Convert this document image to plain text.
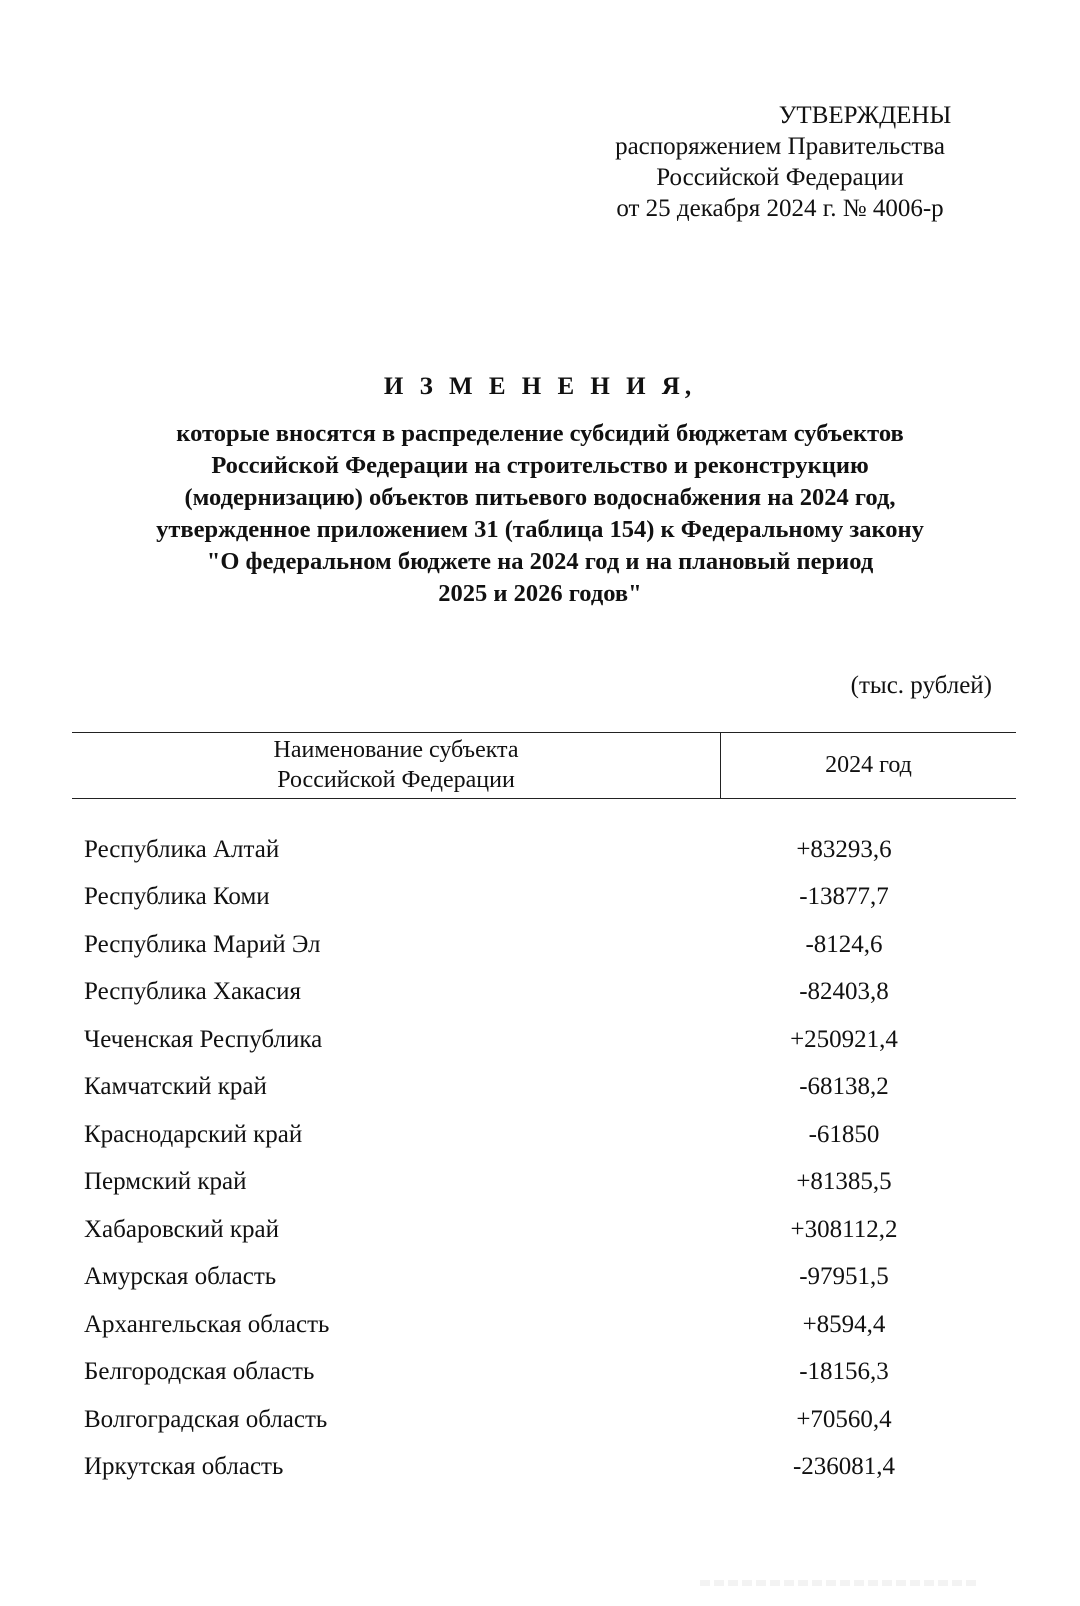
УТВЕРЖДЕНЫ
распоряжением Правительства
Российской Федерации
от 25 декабря 2024 г. № 4006-р
И З М Е Н Е Н И Я,
которые вносятся в распределение субсидий бюджетам субъектов
Российской Федерации на строительство и реконструкцию
(модернизацию) объектов питьевого водоснабжения на 2024 год,
утвержденное приложением 31 (таблица 154) к Федеральному закону
"О федеральном бюджете на 2024 год и на плановый период
2025 и 2026 годов"
(тыс. рублей)
Наименование субъекта
Российской Федерации
2024 год
Республика Алтай	+83293,6
Республика Коми	-13877,7
Республика Марий Эл	-8124,6
Республика Хакасия	-82403,8
Чеченская Республика	+250921,4
Камчатский край	-68138,2
Краснодарский край	-61850
Пермский край	+81385,5
Хабаровский край	+308112,2
Амурская область	-97951,5
Архангельская область	+8594,4
Белгородская область	-18156,3
Волгоградская область	+70560,4
Иркутская область	-236081,4
